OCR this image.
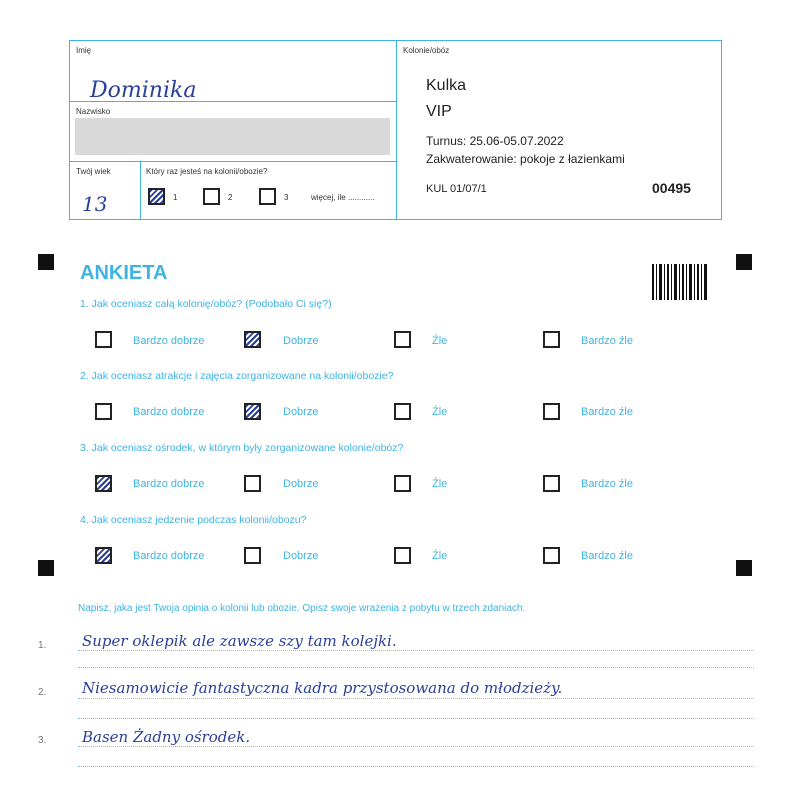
Imię
Dominika
Nazwisko
Twój wiek
13
Który raz jesteś na kolonii/obozie?
1	2	3	więcej, ile ............
Kolonie/obóz
Kulka
VIP
Turnus: 25.06-05.07.2022
Zakwaterowanie: pokoje z łazienkami
KUL 01/07/1	00495
ANKIETA
1. Jak oceniasz całą kolonię/obóz? (Podobało Ci się?)
Bardzo dobrze	Dobrze	Źle	Bardzo źle
2. Jak oceniasz atrakcje i zajęcia zorganizowane na kolonii/obozie?
Bardzo dobrze	Dobrze	Źle	Bardzo źle
3. Jak oceniasz ośrodek, w którym były zorganizowane kolonie/obóz?
Bardzo dobrze	Dobrze	Źle	Bardzo źle
4. Jak oceniasz jedzenie podczas kolonii/obozu?
Bardzo dobrze	Dobrze	Źle	Bardzo źle
Napisz, jaka jest Twoja opinia o kolonii lub obozie. Opisz swoje wrażenia z pobytu w trzech zdaniach.
1. Super oklepik ale zawsze szy tam kolejki.
2. Niesamowicie fantastyczna kadra przystosowana do młodzieży.
3. Basen Żadny ośrodek.
